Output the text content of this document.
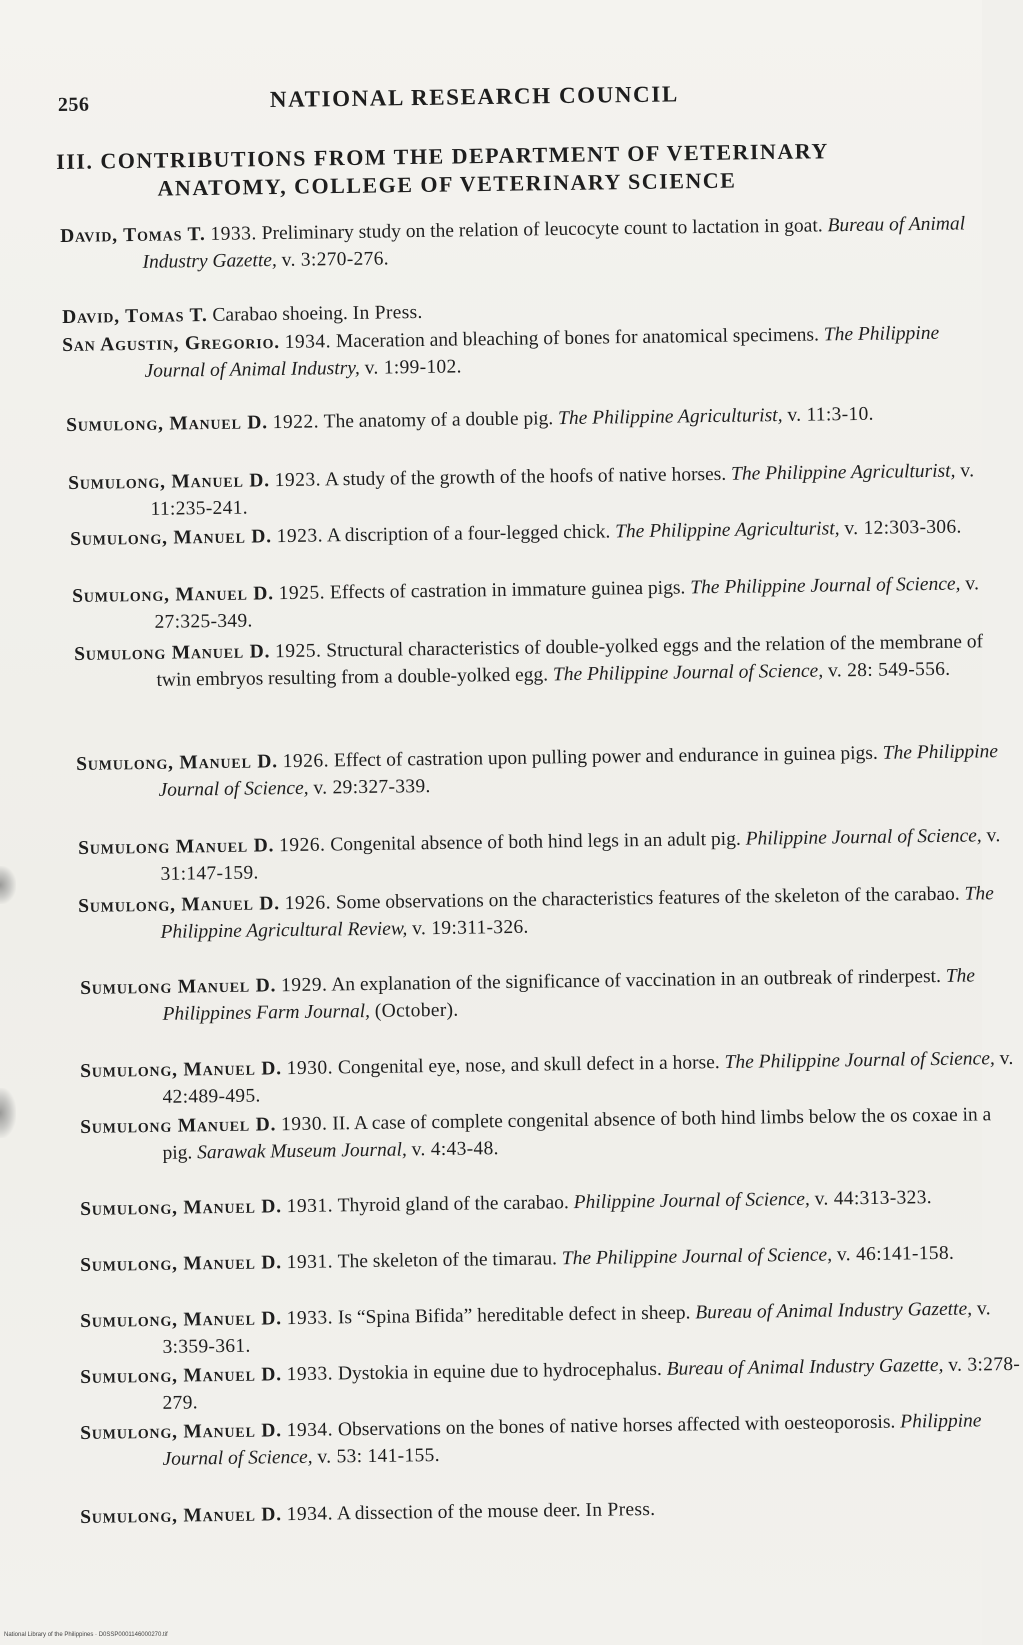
256	NATIONAL RESEARCH COUNCIL
III. CONTRIBUTIONS FROM THE DEPARTMENT OF VETERINARY
ANATOMY, COLLEGE OF VETERINARY SCIENCE
David, Tomas T. 1933. Preliminary study on the relation of leucocyte count to lactation in goat. Bureau of Animal Industry Gazette, v. 3:270-276.
David, Tomas T. Carabao shoeing. In Press.
San Agustin, Gregorio. 1934. Maceration and bleaching of bones for anatomical specimens. The Philippine Journal of Animal Industry, v. 1:99-102.
Sumulong, Manuel D. 1922. The anatomy of a double pig. The Philippine Agriculturist, v. 11:3-10.
Sumulong, Manuel D. 1923. A study of the growth of the hoofs of native horses. The Philippine Agriculturist, v. 11:235-241.
Sumulong, Manuel D. 1923. A discription of a four-legged chick. The Philippine Agriculturist, v. 12:303-306.
Sumulong, Manuel D. 1925. Effects of castration in immature guinea pigs. The Philippine Journal of Science, v. 27:325-349.
Sumulong Manuel D. 1925. Structural characteristics of double-yolked eggs and the relation of the membrane of twin embryos resulting from a double-yolked egg. The Philippine Journal of Science, v. 28: 549-556.
Sumulong, Manuel D. 1926. Effect of castration upon pulling power and endurance in guinea pigs. The Philippine Journal of Science, v. 29:327-339.
Sumulong Manuel D. 1926. Congenital absence of both hind legs in an adult pig. Philippine Journal of Science, v. 31:147-159.
Sumulong, Manuel D. 1926. Some observations on the characteristics features of the skeleton of the carabao. The Philippine Agricultural Review, v. 19:311-326.
Sumulong Manuel D. 1929. An explanation of the significance of vaccination in an outbreak of rinderpest. The Philippines Farm Journal, (October).
Sumulong, Manuel D. 1930. Congenital eye, nose, and skull defect in a horse. The Philippine Journal of Science, v. 42:489-495.
Sumulong Manuel D. 1930. II. A case of complete congenital absence of both hind limbs below the os coxae in a pig. Sarawak Museum Journal, v. 4:43-48.
Sumulong, Manuel D. 1931. Thyroid gland of the carabao. Philippine Journal of Science, v. 44:313-323.
Sumulong, Manuel D. 1931. The skeleton of the timarau. The Philippine Journal of Science, v. 46:141-158.
Sumulong, Manuel D. 1933. Is “Spina Bifida” hereditable defect in sheep. Bureau of Animal Industry Gazette, v. 3:359-361.
Sumulong, Manuel D. 1933. Dystokia in equine due to hydrocephalus. Bureau of Animal Industry Gazette, v. 3:278-279.
Sumulong, Manuel D. 1934. Observations on the bones of native horses affected with oesteoporosis. Philippine Journal of Science, v. 53: 141-155.
Sumulong, Manuel D. 1934. A dissection of the mouse deer. In Press.
National Library of the Philippines · D0SSP0001146000270.tif
